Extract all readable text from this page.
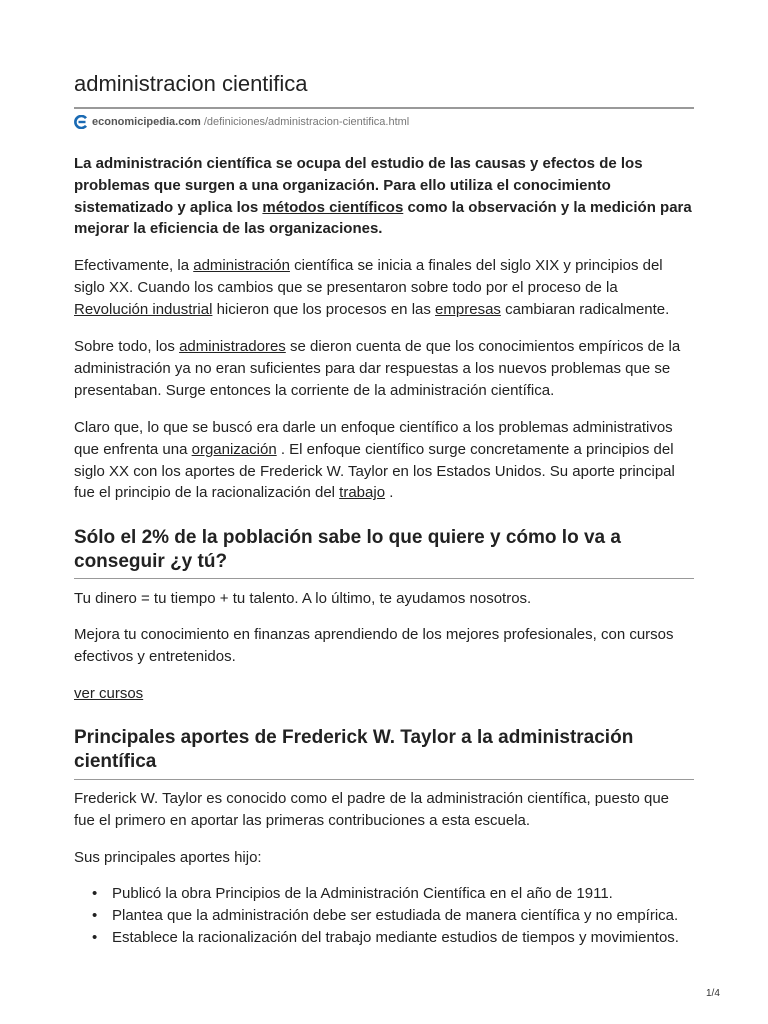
administracion cientifica
economicipedia.com /definiciones/administracion-cientifica.html

La administración científica se ocupa del estudio de las causas y efectos de los problemas que surgen a una organización. Para ello utiliza el conocimiento sistematizado y aplica los métodos científicos como la observación y la medición para mejorar la eficiencia de las organizaciones.

Efectivamente, la administración científica se inicia a finales del siglo XIX y principios del siglo XX. Cuando los cambios que se presentaron sobre todo por el proceso de la Revolución industrial hicieron que los procesos en las empresas cambiaran radicalmente.

Sobre todo, los administradores se dieron cuenta de que los conocimientos empíricos de la administración ya no eran suficientes para dar respuestas a los nuevos problemas que se presentaban. Surge entonces la corriente de la administración científica.

Claro que, lo que se buscó era darle un enfoque científico a los problemas administrativos que enfrenta una organización . El enfoque científico surge concretamente a principios del siglo XX con los aportes de Frederick W. Taylor en los Estados Unidos. Su aporte principal fue el principio de la racionalización del trabajo .

Sólo el 2% de la población sabe lo que quiere y cómo lo va a conseguir ¿y tú?

Tu dinero = tu tiempo + tu talento. A lo último, te ayudamos nosotros.

Mejora tu conocimiento en finanzas aprendiendo de los mejores profesionales, con cursos efectivos y entretenidos.

ver cursos

Principales aportes de Frederick W. Taylor a la administración científica

Frederick W. Taylor es conocido como el padre de la administración científica, puesto que fue el primero en aportar las primeras contribuciones a esta escuela.

Sus principales aportes hijo:

• Publicó la obra Principios de la Administración Científica en el año de 1911.
• Plantea que la administración debe ser estudiada de manera científica y no empírica.
• Establece la racionalización del trabajo mediante estudios de tiempos y movimientos.
1/4
